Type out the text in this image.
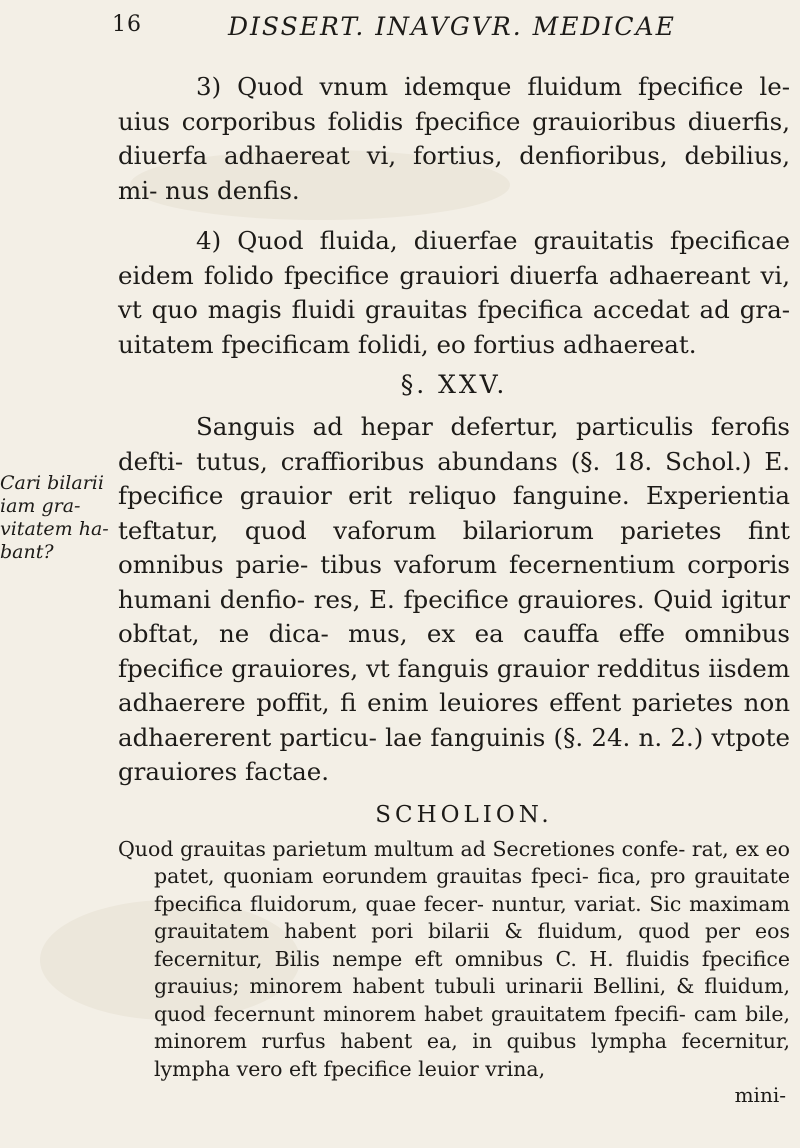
16	DISSERT. INAVGVR. MEDICAE
Cari bilarii
iam gra-
vitatem ha-
bant?

3) Quod vnum idemque fluidum fpecifice le- uius corporibus folidis fpecifice grauioribus diuerfis, diuerfa adhaereat vi, fortius, denfioribus, debilius, mi- nus denfis.

4) Quod fluida, diuerfae grauitatis fpecificae eidem folido fpecifice grauiori diuerfa adhaereant vi, vt quo magis fluidi grauitas fpecifica accedat ad gra- uitatem fpecificam folidi, eo fortius adhaereat.

§. XXV.

Sanguis ad hepar defertur, particulis ferofis defti- tutus, craffioribus abundans (§. 18. Schol.) E. fpecifice grauior erit reliquo fanguine. Experientia teftatur, quod vaforum bilariorum parietes fint omnibus parie- tibus vaforum fecernentium corporis humani denfio- res, E. fpecifice grauiores. Quid igitur obftat, ne dica- mus, ex ea cauffa effe omnibus fpecifice grauiores, vt fanguis grauior redditus iisdem adhaerere poffit, fi enim leuiores effent parietes non adhaererent particu- lae fanguinis (§. 24. n. 2.) vtpote grauiores factae.

SCHOLION.

Quod grauitas parietum multum ad Secretiones confe- rat, ex eo patet, quoniam eorundem grauitas fpeci- fica, pro grauitate fpecifica fluidorum, quae fecer- nuntur, variat. Sic maximam grauitatem habent pori bilarii & fluidum, quod per eos fecernitur, Bilis nempe eft omnibus C. H. fluidis fpecifice grauius; minorem habent tubuli urinarii Bellini, & fluidum, quod fecernunt minorem habet grauitatem fpecifi- cam bile, minorem rurfus habent ea, in quibus lympha fecernitur, lympha vero eft fpecifice leuior vrina,

mini-
